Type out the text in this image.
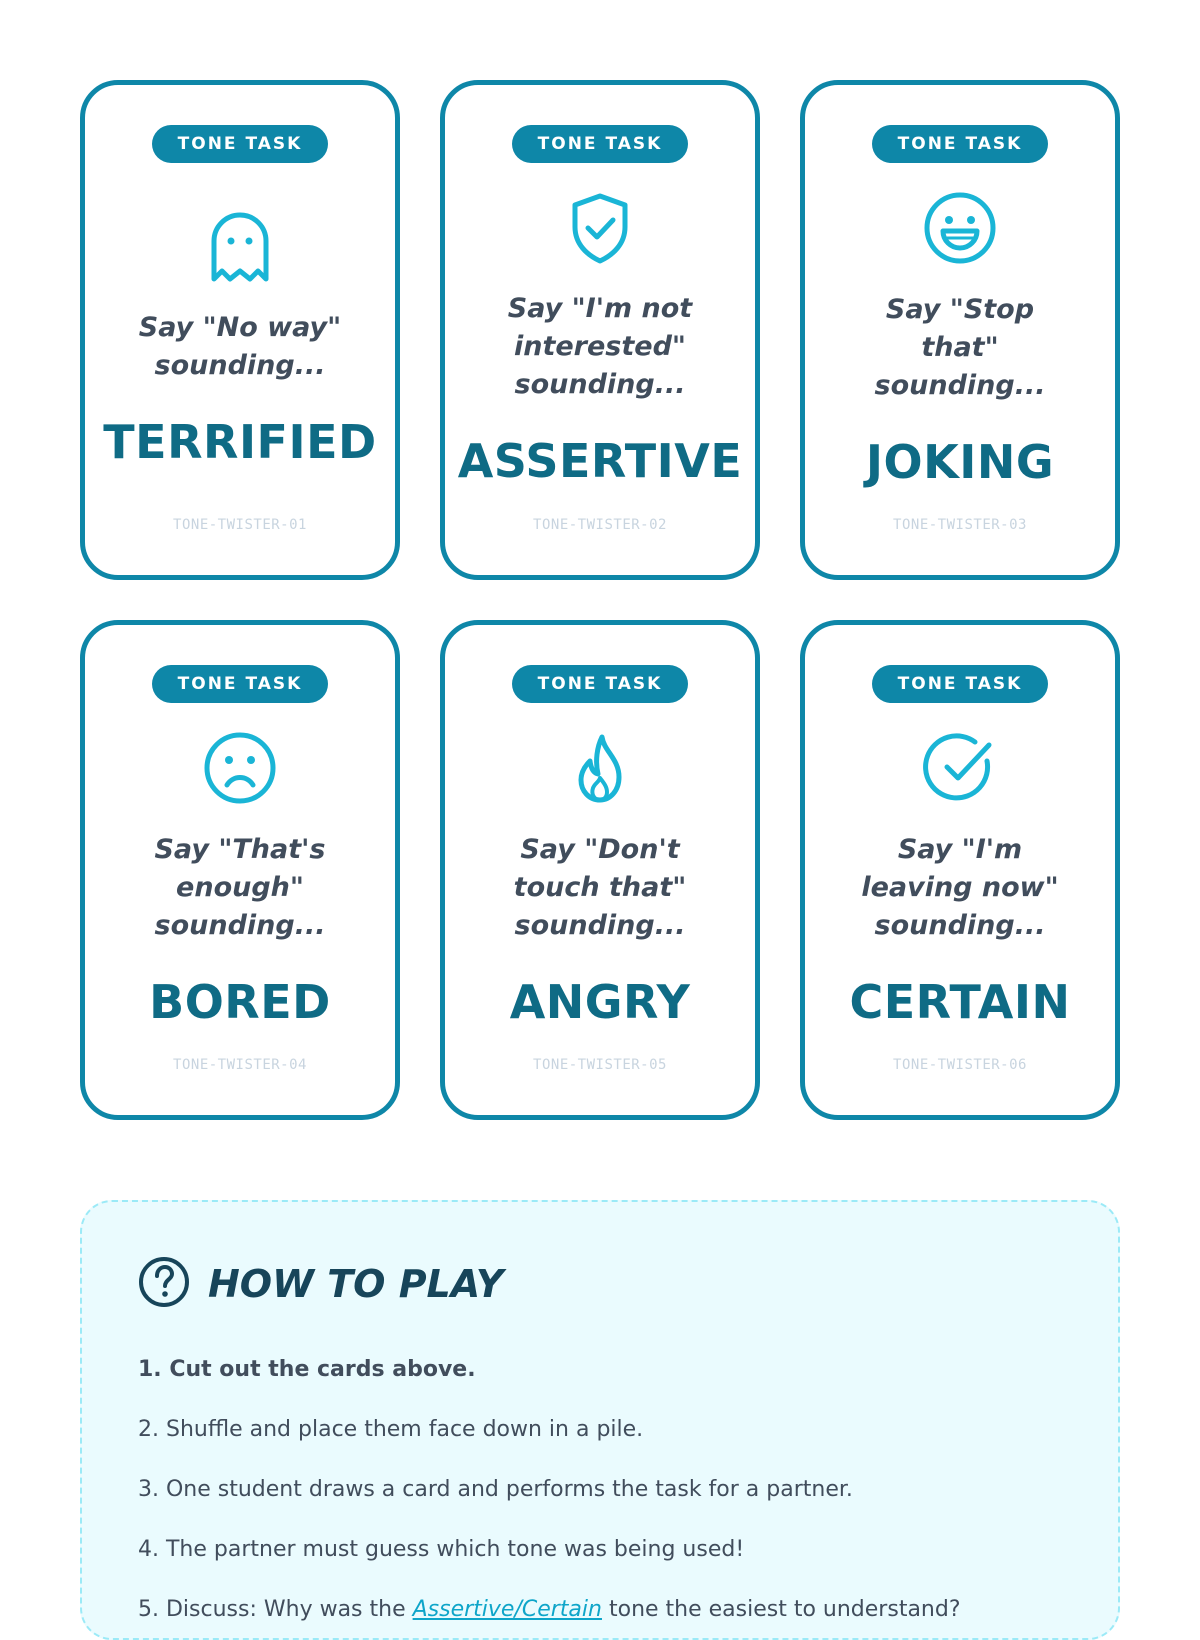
TONE TASK
Say "No way" sounding...
TERRIFIED
TONE-TWISTER-01
TONE TASK
Say "I'm not interested" sounding...
ASSERTIVE
TONE-TWISTER-02
TONE TASK
Say "Stop that" sounding...
JOKING
TONE-TWISTER-03
TONE TASK
Say "That's enough" sounding...
BORED
TONE-TWISTER-04
TONE TASK
Say "Don't touch that" sounding...
ANGRY
TONE-TWISTER-05
TONE TASK
Say "I'm leaving now" sounding...
CERTAIN
TONE-TWISTER-06
HOW TO PLAY
1. Cut out the cards above.
2. Shuffle and place them face down in a pile.
3. One student draws a card and performs the task for a partner.
4. The partner must guess which tone was being used!
5. Discuss: Why was the Assertive/Certain tone the easiest to understand?
